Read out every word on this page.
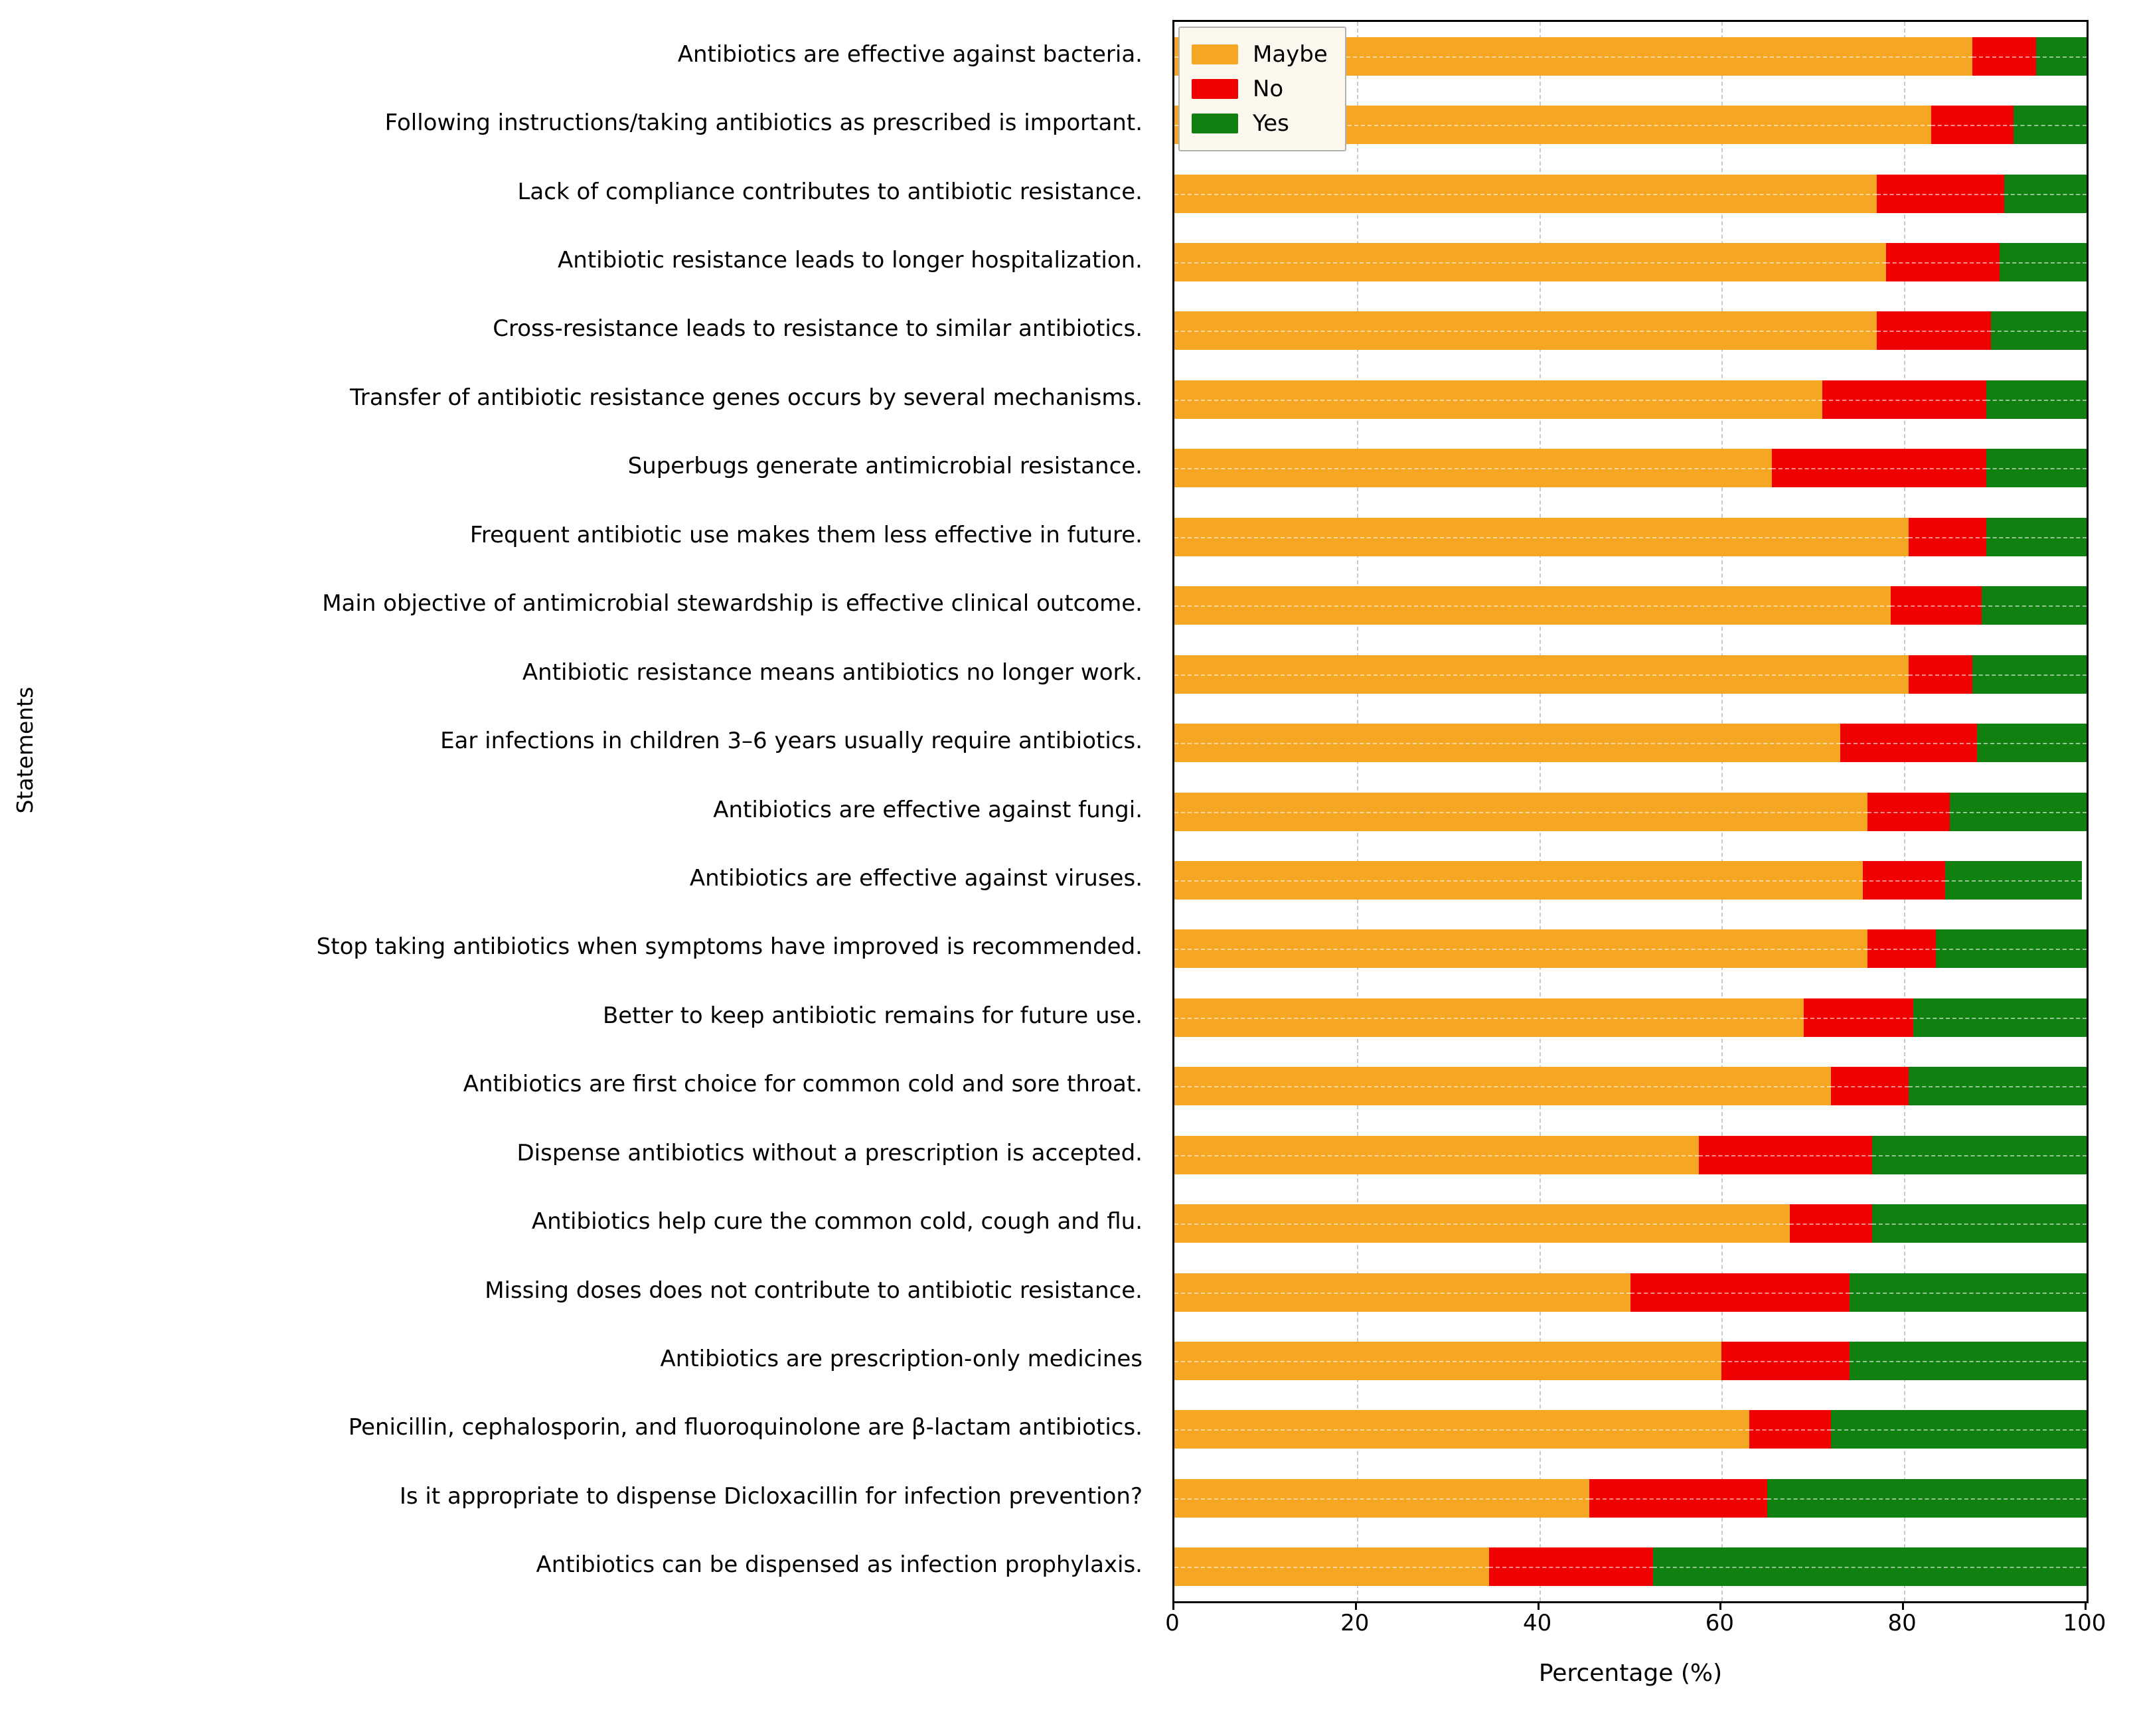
Statements
Antibiotics are effective against bacteria.
Following instructions/taking antibiotics as prescribed is important.
Lack of compliance contributes to antibiotic resistance.
Antibiotic resistance leads to longer hospitalization.
Cross-resistance leads to resistance to similar antibiotics.
Transfer of antibiotic resistance genes occurs by several mechanisms.
Superbugs generate antimicrobial resistance.
Frequent antibiotic use makes them less effective in future.
Main objective of antimicrobial stewardship is effective clinical outcome.
Antibiotic resistance means antibiotics no longer work.
Ear infections in children 3–6 years usually require antibiotics.
Antibiotics are effective against fungi.
Antibiotics are effective against viruses.
Stop taking antibiotics when symptoms have improved is recommended.
Better to keep antibiotic remains for future use.
Antibiotics are first choice for common cold and sore throat.
Dispense antibiotics without a prescription is accepted.
Antibiotics help cure the common cold, cough and flu.
Missing doses does not contribute to antibiotic resistance.
Antibiotics are prescription-only medicines
Penicillin, cephalosporin, and fluoroquinolone are β-lactam antibiotics.
Is it appropriate to dispense Dicloxacillin for infection prevention?
Antibiotics can be dispensed as infection prophylaxis.
0	20	40	60	80	100
Percentage (%)
Maybe
No
Yes
